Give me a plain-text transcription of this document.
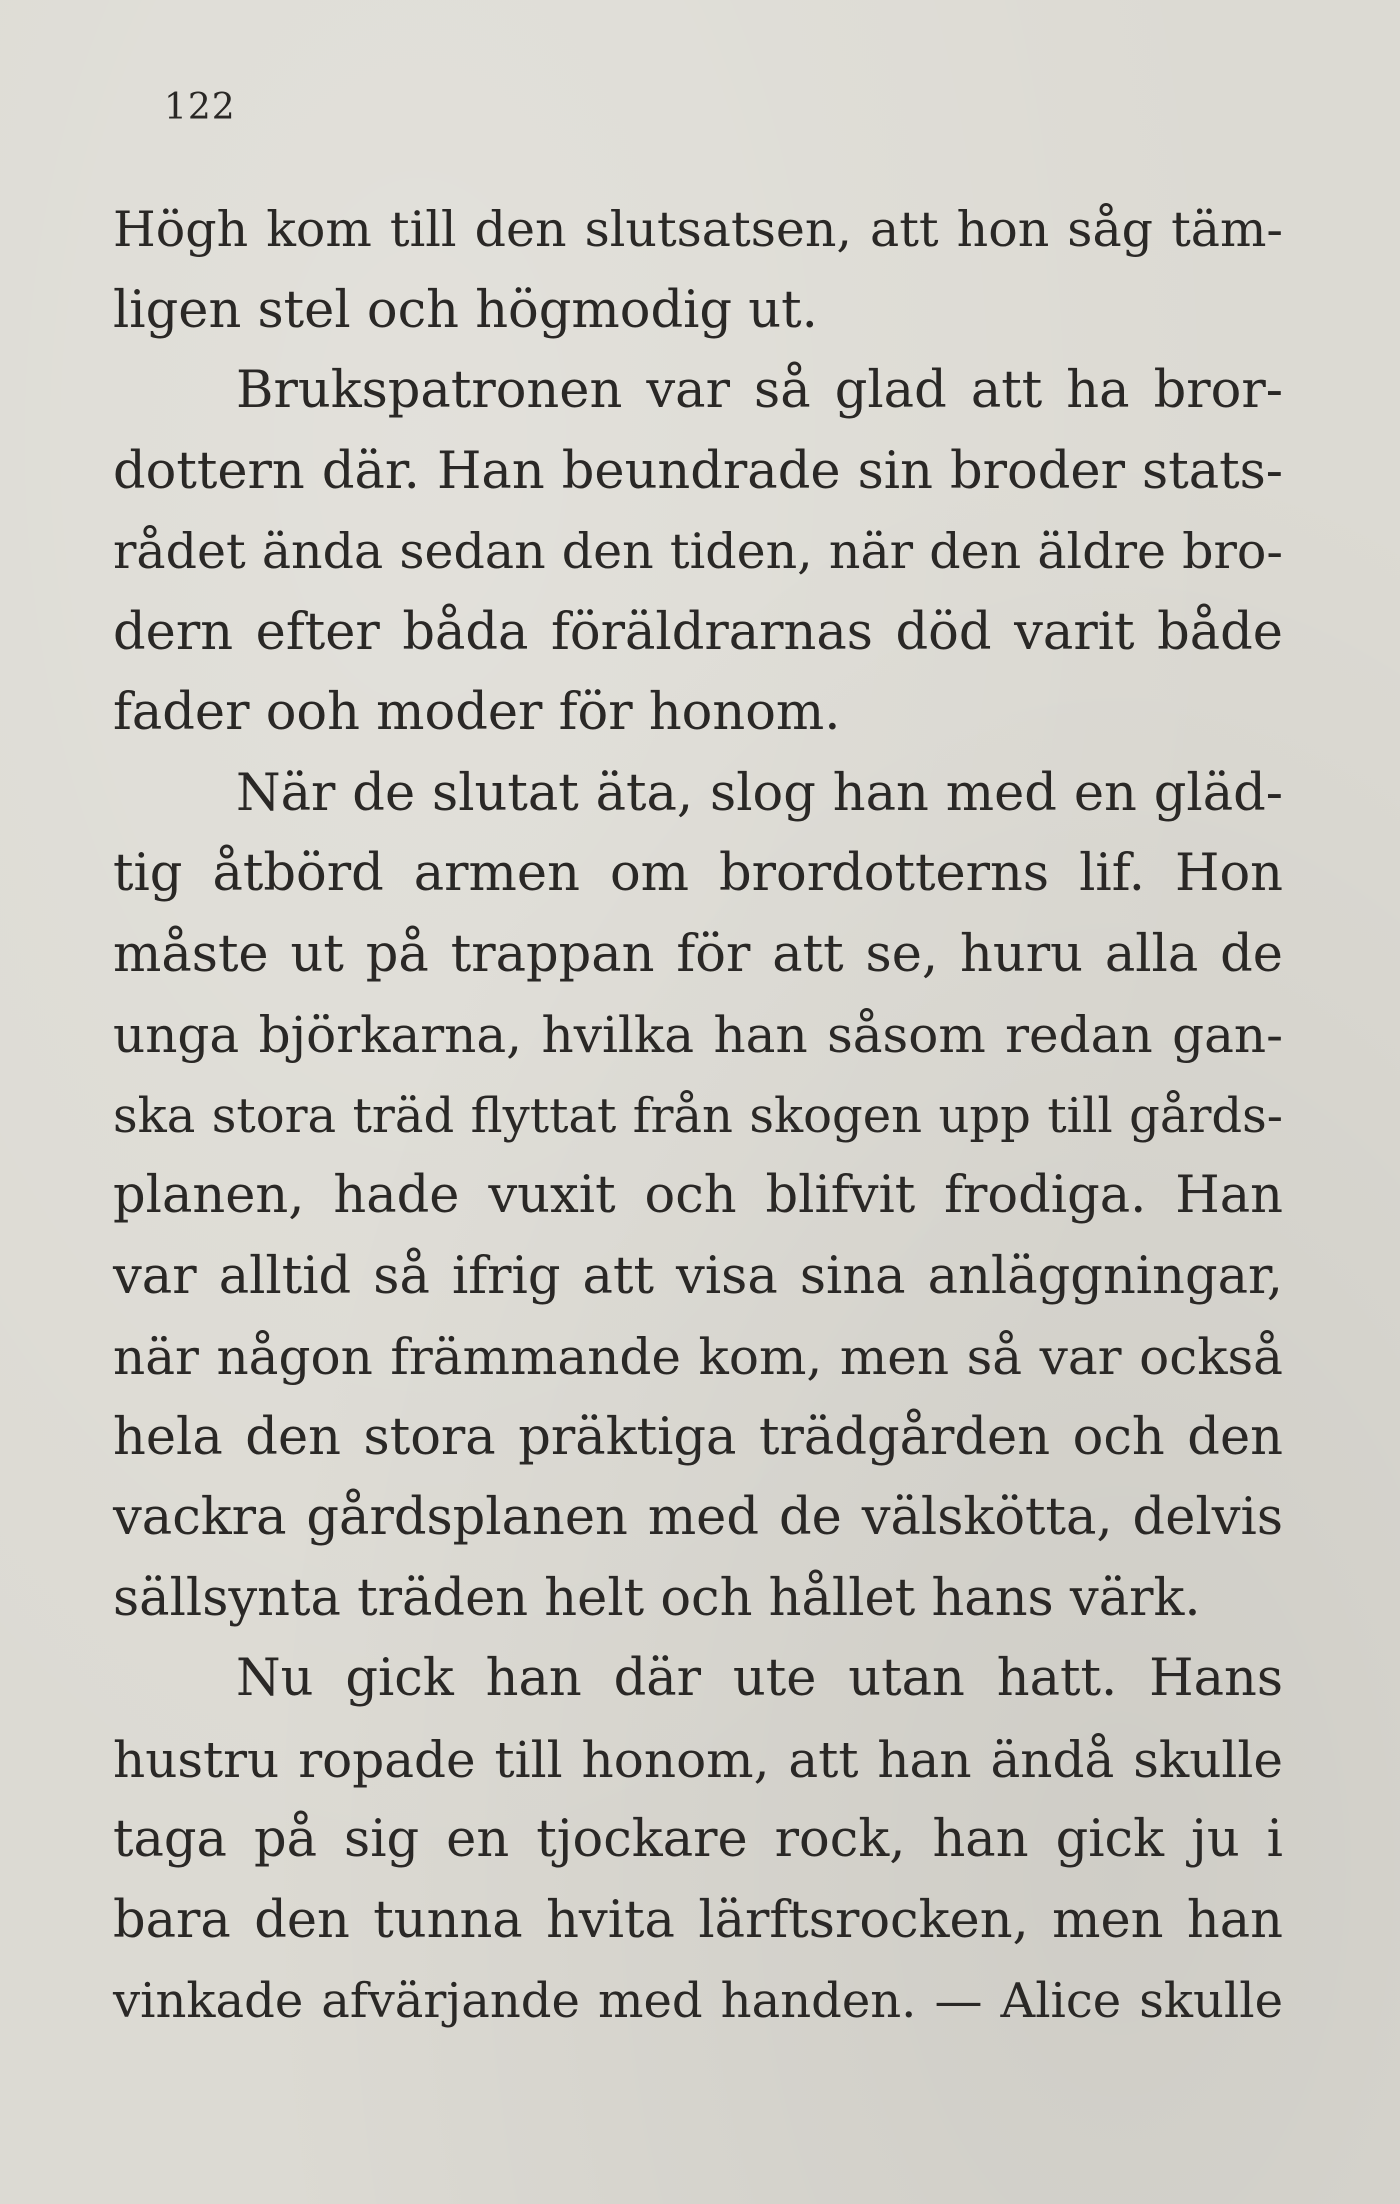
122
Högh kom till den slutsatsen, att hon såg täm-
ligen stel och högmodig ut.
Brukspatronen var så glad att ha bror-
dottern där. Han beundrade sin broder stats-
rådet ända sedan den tiden, när den äldre bro-
dern efter båda föräldrarnas död varit både
fader ooh moder för honom.
När de slutat äta, slog han med en gläd-
tig åtbörd armen om brordotterns lif. Hon
måste ut på trappan för att se, huru alla de
unga björkarna, hvilka han såsom redan gan-
ska stora träd flyttat från skogen upp till gårds-
planen, hade vuxit och blifvit frodiga. Han
var alltid så ifrig att visa sina anläggningar,
när någon främmande kom, men så var också
hela den stora präktiga trädgården och den
vackra gårdsplanen med de välskötta, delvis
sällsynta träden helt och hållet hans värk.
Nu gick han där ute utan hatt. Hans
hustru ropade till honom, att han ändå skulle
taga på sig en tjockare rock, han gick ju i
bara den tunna hvita lärftsrocken, men han
vinkade afvärjande med handen. — Alice skulle
